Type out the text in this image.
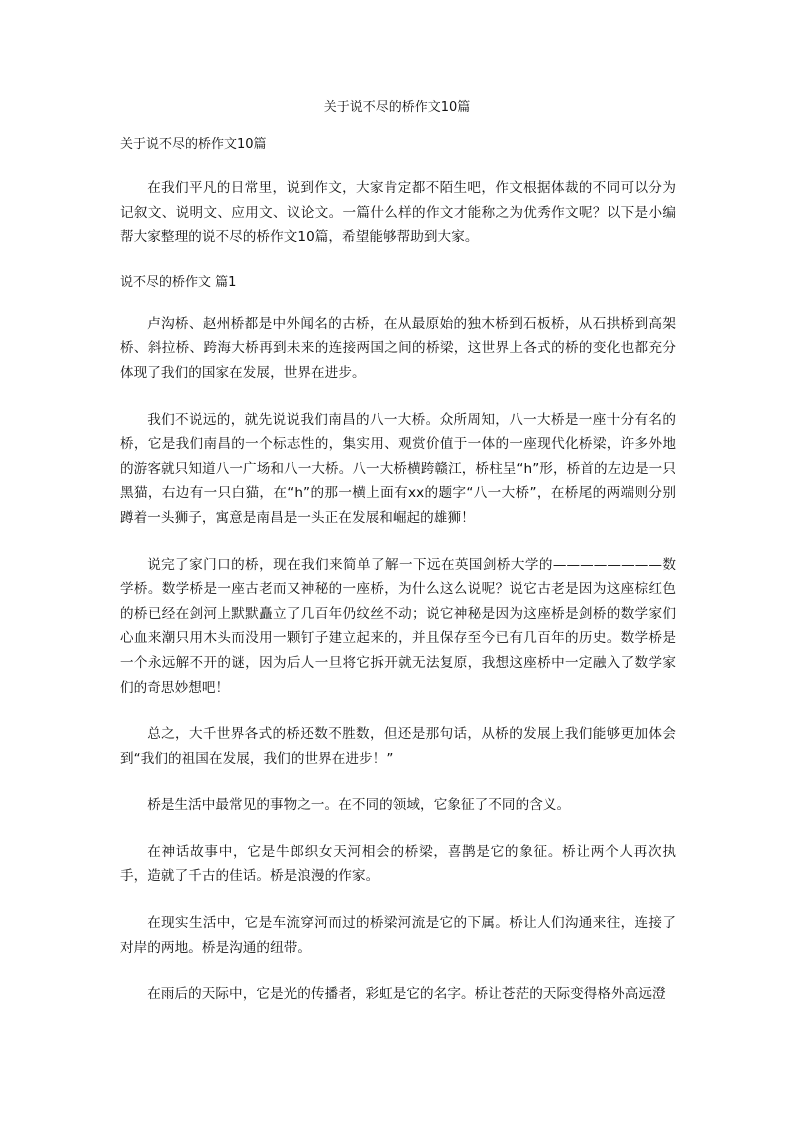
关于说不尽的桥作文10篇

关于说不尽的桥作文10篇

在我们平凡的日常里，说到作文，大家肯定都不陌生吧，作文根据体裁的不同可以分为记叙文、说明文、应用文、议论文。一篇什么样的作文才能称之为优秀作文呢？以下是小编帮大家整理的说不尽的桥作文10篇，希望能够帮助到大家。

说不尽的桥作文 篇1

卢沟桥、赵州桥都是中外闻名的古桥，在从最原始的独木桥到石板桥，从石拱桥到高架桥、斜拉桥、跨海大桥再到未来的连接两国之间的桥梁，这世界上各式的桥的变化也都充分体现了我们的国家在发展，世界在进步。

我们不说远的，就先说说我们南昌的八一大桥。众所周知，八一大桥是一座十分有名的桥，它是我们南昌的一个标志性的，集实用、观赏价值于一体的一座现代化桥梁，许多外地的游客就只知道八一广场和八一大桥。八一大桥横跨赣江，桥柱呈“h”形，桥首的左边是一只黑猫，右边有一只白猫，在“h”的那一横上面有xx的题字“八一大桥”，在桥尾的两端则分别蹲着一头狮子，寓意是南昌是一头正在发展和崛起的雄狮！

说完了家门口的桥，现在我们来简单了解一下远在英国剑桥大学的————————数学桥。数学桥是一座古老而又神秘的一座桥，为什么这么说呢？说它古老是因为这座棕红色的桥已经在剑河上默默矗立了几百年仍纹丝不动；说它神秘是因为这座桥是剑桥的数学家们心血来潮只用木头而没用一颗钉子建立起来的，并且保存至今已有几百年的历史。数学桥是一个永远解不开的谜，因为后人一旦将它拆开就无法复原，我想这座桥中一定融入了数学家们的奇思妙想吧！

总之，大千世界各式的桥还数不胜数，但还是那句话，从桥的发展上我们能够更加体会到“我们的祖国在发展，我们的世界在进步！”

桥是生活中最常见的事物之一。在不同的领域，它象征了不同的含义。

在神话故事中，它是牛郎织女天河相会的桥梁，喜鹊是它的象征。桥让两个人再次执手，造就了千古的佳话。桥是浪漫的作家。

在现实生活中，它是车流穿河而过的桥梁河流是它的下属。桥让人们沟通来往，连接了对岸的两地。桥是沟通的纽带。

在雨后的天际中，它是光的传播者，彩虹是它的名字。桥让苍茫的天际变得格外高远澄
